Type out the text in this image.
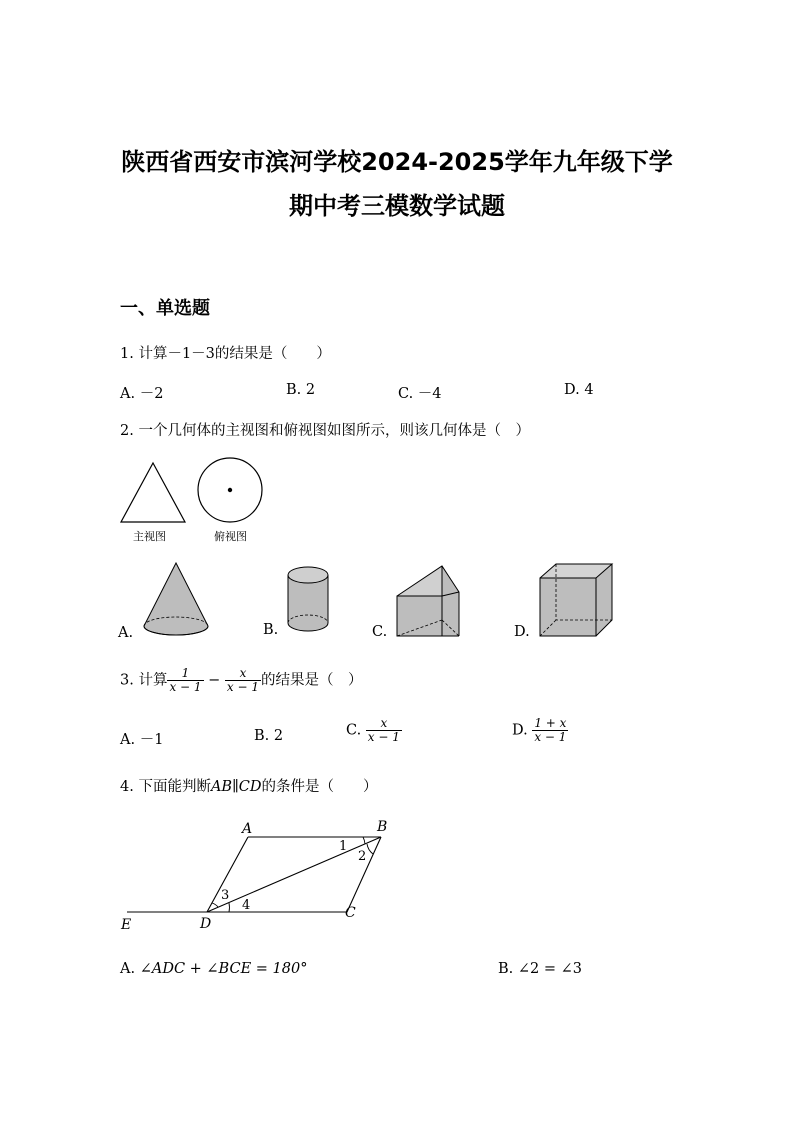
陕西省西安市滨河学校2024-2025学年九年级下学
期中考三模数学试题
一、单选题
1. 计算－1－3的结果是（　　）
A. －2	B. 2	C. －4	D. 4
2. 一个几何体的主视图和俯视图如图所示，则该几何体是（　）
主视图	俯视图
A.	B.	C.	D.
3. 计算 $\frac{1}{x - 1} - \frac{x}{x - 1}$ 的结果是（　）
A. －1	B. 2	C. $\frac{x}{x - 1}$	D. $\frac{1 + x}{x - 1}$
4. 下面能判断AB∥CD的条件是（　　）
A	B
C
D
E
1
2
3
4
A. ∠ADC + ∠BCE = 180°	B. ∠2 = ∠3
